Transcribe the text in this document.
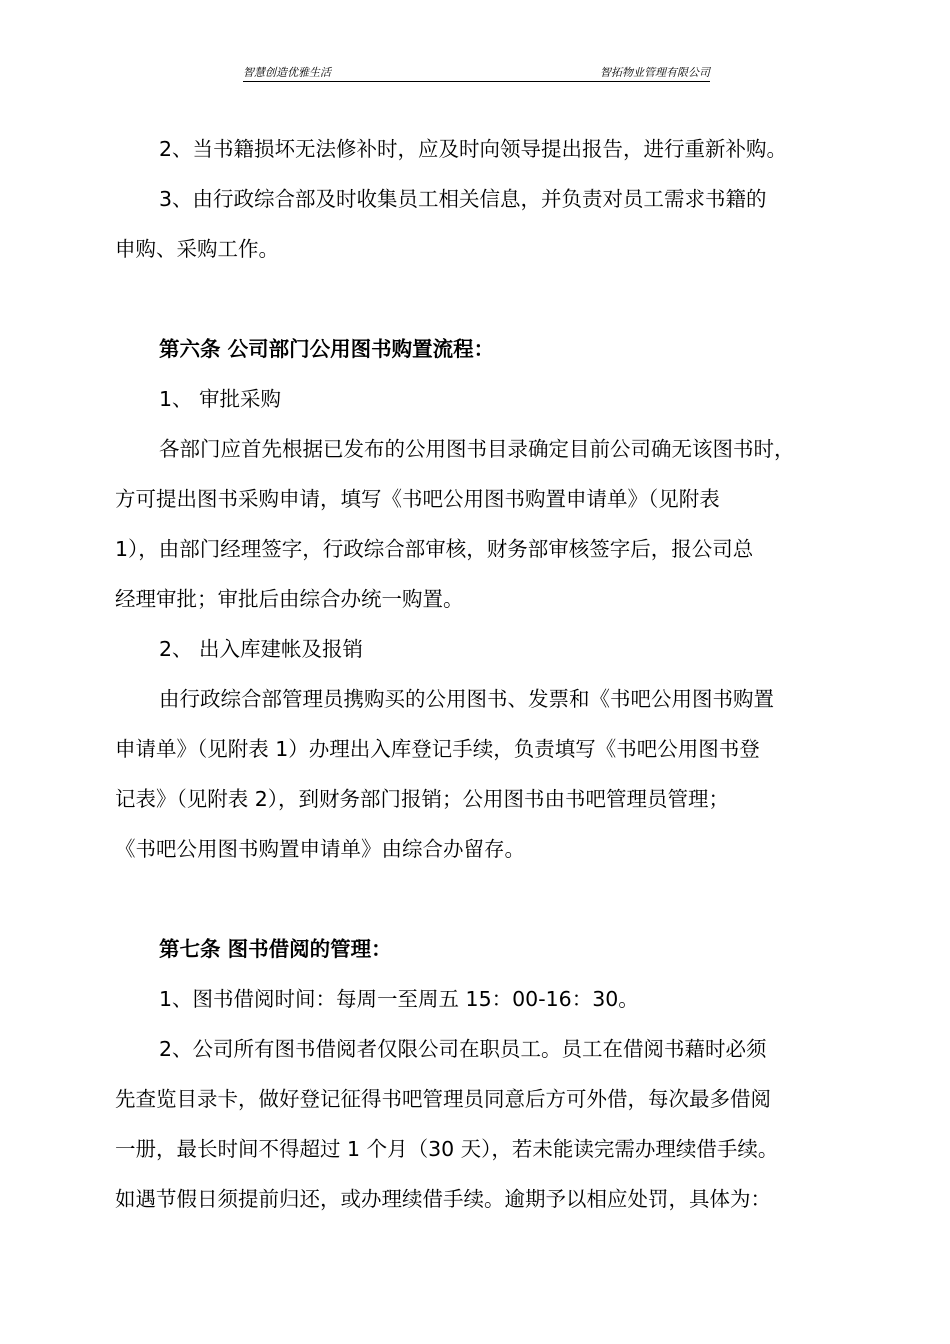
智慧创造优雅生活	智拓物业管理有限公司

2、当书籍损坏无法修补时，应及时向领导提出报告，进行重新补购。

3、由行政综合部及时收集员工相关信息，并负责对员工需求书籍的

申购、采购工作。

第六条 公司部门公用图书购置流程：

1、 审批采购

各部门应首先根据已发布的公用图书目录确定目前公司确无该图书时，

方可提出图书采购申请，填写《书吧公用图书购置申请单》（见附表

1），由部门经理签字，行政综合部审核，财务部审核签字后，报公司总

经理审批；审批后由综合办统一购置。

2、 出入库建帐及报销

由行政综合部管理员携购买的公用图书、发票和《书吧公用图书购置

申请单》（见附表 1）办理出入库登记手续，负责填写《书吧公用图书登

记表》（见附表 2），到财务部门报销；公用图书由书吧管理员管理；

《书吧公用图书购置申请单》由综合办留存。

第七条 图书借阅的管理：

1、图书借阅时间：每周一至周五 15：00-16：30。

2、公司所有图书借阅者仅限公司在职员工。员工在借阅书藉时必须

先查览目录卡，做好登记征得书吧管理员同意后方可外借，每次最多借阅

一册，最长时间不得超过 1 个月（30 天），若未能读完需办理续借手续。

如遇节假日须提前归还，或办理续借手续。逾期予以相应处罚，具体为：
